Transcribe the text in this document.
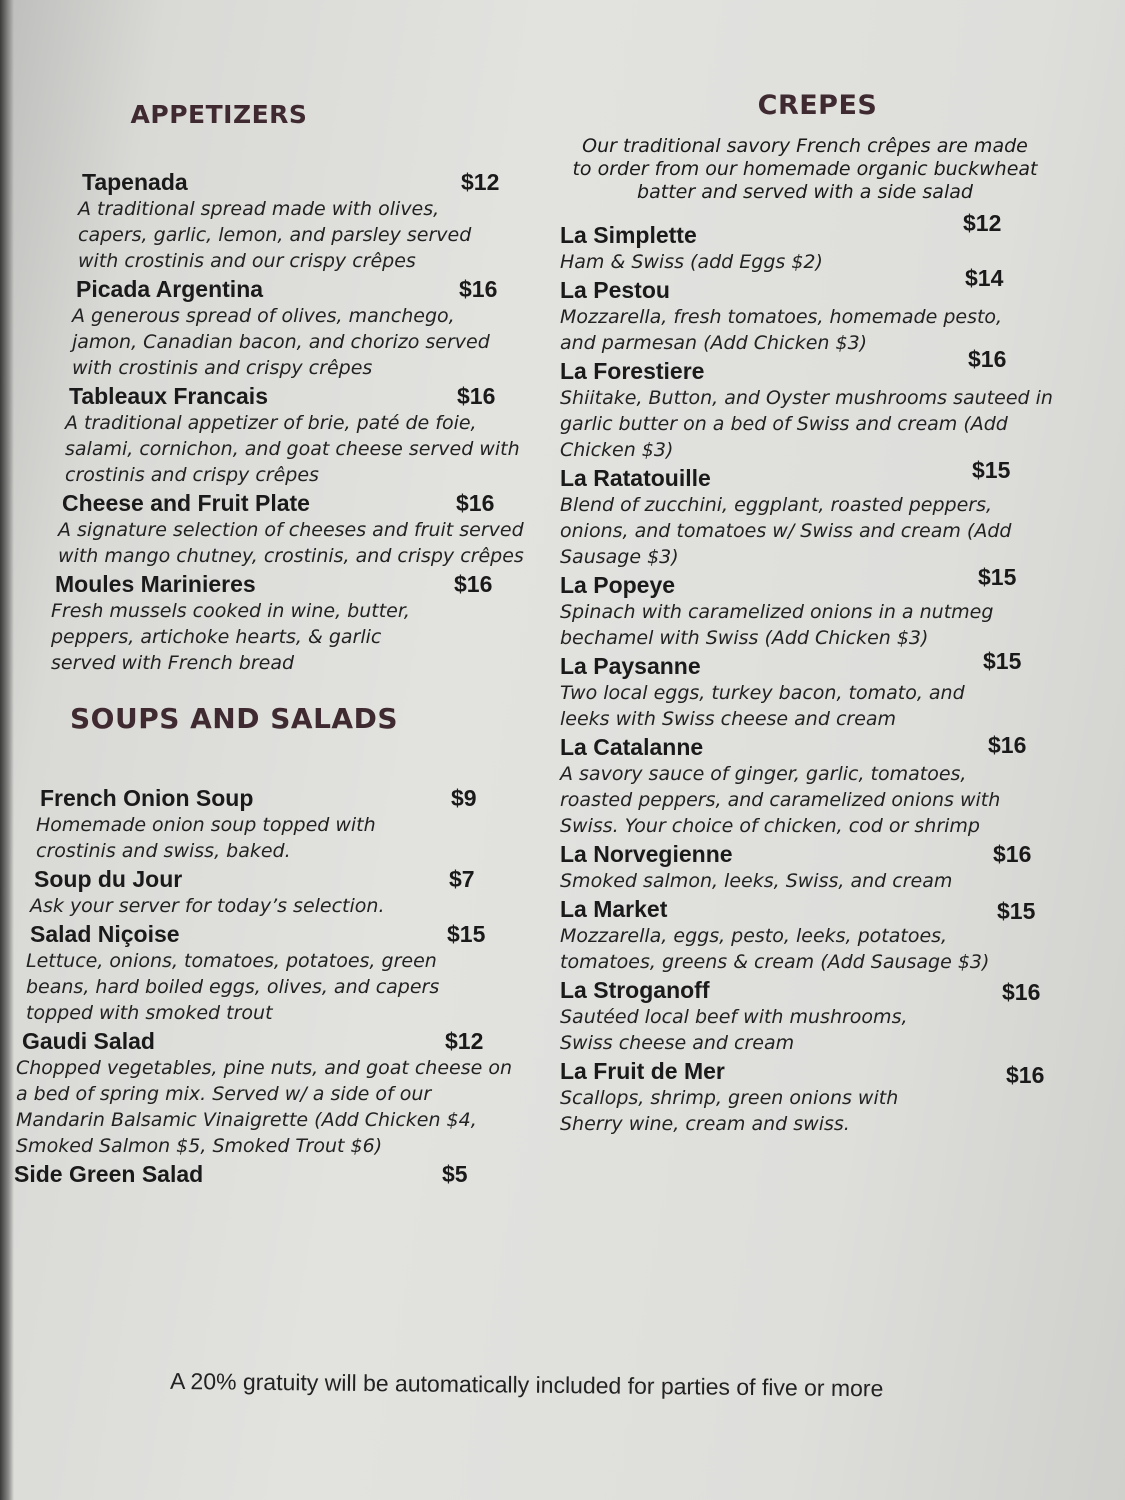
APPETIZERS
Tapenada	$12
A traditional spread made with olives, capers, garlic, lemon, and parsley served with crostinis and our crispy crêpes
Picada Argentina	$16
A generous spread of olives, manchego, jamon, Canadian bacon, and chorizo served with crostinis and crispy crêpes
Tableaux Francais	$16
A traditional appetizer of brie, paté de foie, salami, cornichon, and goat cheese served with crostinis and crispy crêpes
Cheese and Fruit Plate	$16
A signature selection of cheeses and fruit served with mango chutney, crostinis, and crispy crêpes
Moules Marinieres	$16
Fresh mussels cooked in wine, butter, peppers, artichoke hearts, & garlic served with French bread
SOUPS AND SALADS
French Onion Soup	$9
Homemade onion soup topped with crostinis and swiss, baked.
Soup du Jour	$7
Ask your server for today’s selection.
Salad Niçoise	$15
Lettuce, onions, tomatoes, potatoes, green beans, hard boiled eggs, olives, and capers topped with smoked trout
Gaudi Salad	$12
Chopped vegetables, pine nuts, and goat cheese on a bed of spring mix. Served w/ a side of our Mandarin Balsamic Vinaigrette (Add Chicken $4, Smoked Salmon $5, Smoked Trout $6)
Side Green Salad	$5
CREPES
Our traditional savory French crêpes are made to order from our homemade organic buckwheat batter and served with a side salad
La Simplette	$12
Ham & Swiss (add Eggs $2)
La Pestou	$14
Mozzarella, fresh tomatoes, homemade pesto, and parmesan (Add Chicken $3)
La Forestiere	$16
Shiitake, Button, and Oyster mushrooms sauteed in garlic butter on a bed of Swiss and cream (Add Chicken $3)
La Ratatouille	$15
Blend of zucchini, eggplant, roasted peppers, onions, and tomatoes w/ Swiss and cream (Add Sausage $3)
La Popeye	$15
Spinach with caramelized onions in a nutmeg bechamel with Swiss (Add Chicken $3)
La Paysanne	$15
Two local eggs, turkey bacon, tomato, and leeks with Swiss cheese and cream
La Catalanne	$16
A savory sauce of ginger, garlic, tomatoes, roasted peppers, and caramelized onions with Swiss. Your choice of chicken, cod or shrimp
La Norvegienne	$16
Smoked salmon, leeks, Swiss, and cream
La Market	$15
Mozzarella, eggs, pesto, leeks, potatoes, tomatoes, greens & cream (Add Sausage $3)
La Stroganoff	$16
Sautéed local beef with mushrooms, Swiss cheese and cream
La Fruit de Mer	$16
Scallops, shrimp, green onions with Sherry wine, cream and swiss.
A 20% gratuity will be automatically included for parties of five or more
